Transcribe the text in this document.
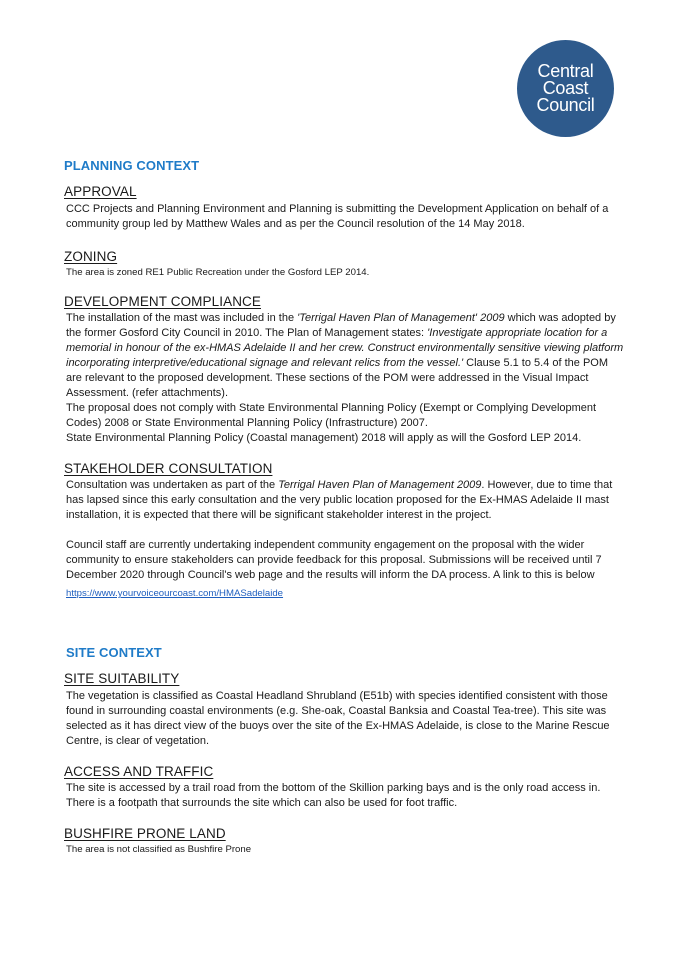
Central
Coast
Council
PLANNING CONTEXT
APPROVAL

CCC Projects and Planning Environment and Planning is submitting the Development Application on behalf of a community group led by Matthew Wales and as per the Council resolution of the 14 May 2018.

ZONING

The area is zoned RE1 Public Recreation under the Gosford LEP 2014.

DEVELOPMENT COMPLIANCE

The installation of the mast was included in the 'Terrigal Haven Plan of Management' 2009 which was adopted by the former Gosford City Council in 2010. The Plan of Management states: 'Investigate appropriate location for a memorial in honour of the ex-HMAS Adelaide II and her crew. Construct environmentally sensitive viewing platform incorporating interpretive/educational signage and relevant relics from the vessel.' Clause 5.1 to 5.4 of the POM are relevant to the proposed development. These sections of the POM were addressed in the Visual Impact Assessment. (refer attachments).

The proposal does not comply with State Environmental Planning Policy (Exempt or Complying Development Codes) 2008 or State Environmental Planning Policy (Infrastructure) 2007.

State Environmental Planning Policy (Coastal management) 2018 will apply as will the Gosford LEP 2014.

STAKEHOLDER CONSULTATION

Consultation was undertaken as part of the Terrigal Haven Plan of Management 2009. However, due to time that has lapsed since this early consultation and the very public location proposed for the Ex-HMAS Adelaide II mast installation, it is expected that there will be significant stakeholder interest in the project.

Council staff are currently undertaking independent community engagement on the proposal with the wider community to ensure stakeholders can provide feedback for this proposal. Submissions will be received until 7 December 2020 through Council's web page and the results will inform the DA process. A link to this is below

https://www.yourvoiceourcoast.com/HMASadelaide
SITE CONTEXT
SITE SUITABILITY

The vegetation is classified as Coastal Headland Shrubland (E51b) with species identified consistent with those found in surrounding coastal environments (e.g. She-oak, Coastal Banksia and Coastal Tea-tree). This site was selected as it has direct view of the buoys over the site of the Ex-HMAS Adelaide, is close to the Marine Rescue Centre, is clear of vegetation.

ACCESS AND TRAFFIC

The site is accessed by a trail road from the bottom of the Skillion parking bays and is the only road access in. There is a footpath that surrounds the site which can also be used for foot traffic.

BUSHFIRE PRONE LAND

The area is not classified as Bushfire Prone
